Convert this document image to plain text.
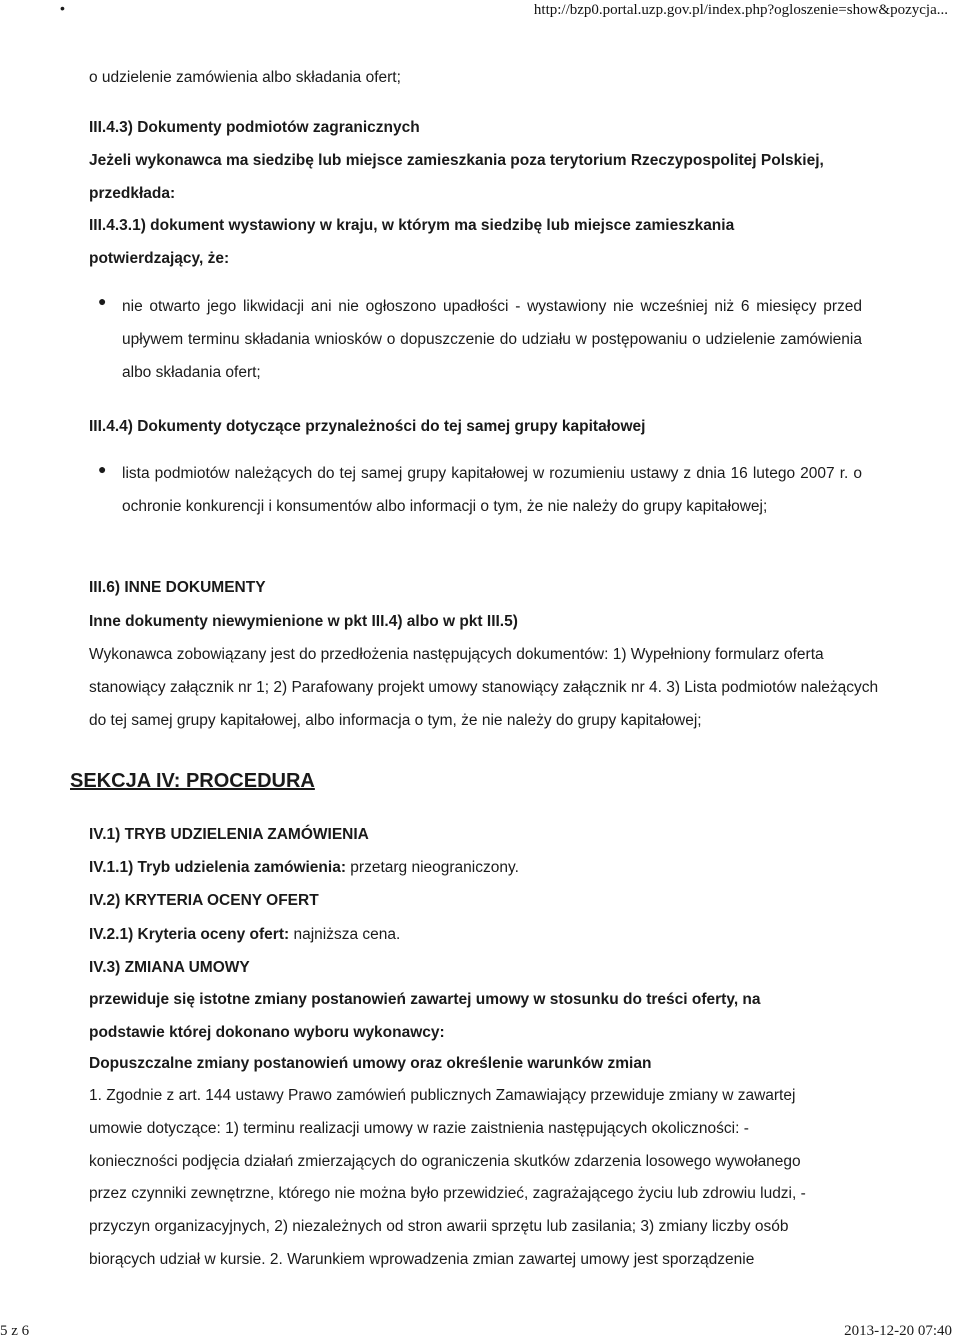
•	http://bzp0.portal.uzp.gov.pl/index.php?ogloszenie=show&pozycja...
o udzielenie zamówienia albo składania ofert;
III.4.3) Dokumenty podmiotów zagranicznych
Jeżeli wykonawca ma siedzibę lub miejsce zamieszkania poza terytorium Rzeczypospolitej Polskiej,
przedkłada:
III.4.3.1) dokument wystawiony w kraju, w którym ma siedzibę lub miejsce zamieszkania
potwierdzający, że:
● nie otwarto jego likwidacji ani nie ogłoszono upadłości - wystawiony nie wcześniej niż 6 miesięcy przed upływem terminu składania wniosków o dopuszczenie do udziału w postępowaniu o udzielenie zamówienia albo składania ofert;
III.4.4) Dokumenty dotyczące przynależności do tej samej grupy kapitałowej
● lista podmiotów należących do tej samej grupy kapitałowej w rozumieniu ustawy z dnia 16 lutego 2007 r. o ochronie konkurencji i konsumentów albo informacji o tym, że nie należy do grupy kapitałowej;
III.6) INNE DOKUMENTY
Inne dokumenty niewymienione w pkt III.4) albo w pkt III.5)
Wykonawca zobowiązany jest do przedłożenia następujących dokumentów: 1) Wypełniony formularz oferta stanowiący załącznik nr 1; 2) Parafowany projekt umowy stanowiący załącznik nr 4. 3) Lista podmiotów należących do tej samej grupy kapitałowej, albo informacja o tym, że nie należy do grupy kapitałowej;
SEKCJA IV: PROCEDURA
IV.1) TRYB UDZIELENIA ZAMÓWIENIA
IV.1.1) Tryb udzielenia zamówienia: przetarg nieograniczony.
IV.2) KRYTERIA OCENY OFERT
IV.2.1) Kryteria oceny ofert: najniższa cena.
IV.3) ZMIANA UMOWY
przewiduje się istotne zmiany postanowień zawartej umowy w stosunku do treści oferty, na
podstawie której dokonano wyboru wykonawcy:
Dopuszczalne zmiany postanowień umowy oraz określenie warunków zmian
1. Zgodnie z art. 144 ustawy Prawo zamówień publicznych Zamawiający przewiduje zmiany w zawartej
umowie dotyczące: 1) terminu realizacji umowy w razie zaistnienia następujących okoliczności: -
konieczności podjęcia działań zmierzających do ograniczenia skutków zdarzenia losowego wywołanego
przez czynniki zewnętrzne, którego nie można było przewidzieć, zagrażającego życiu lub zdrowiu ludzi, -
przyczyn organizacyjnych, 2) niezależnych od stron awarii sprzętu lub zasilania; 3) zmiany liczby osób
biorących udział w kursie. 2. Warunkiem wprowadzenia zmian zawartej umowy jest sporządzenie
5 z 6	2013-12-20 07:40
